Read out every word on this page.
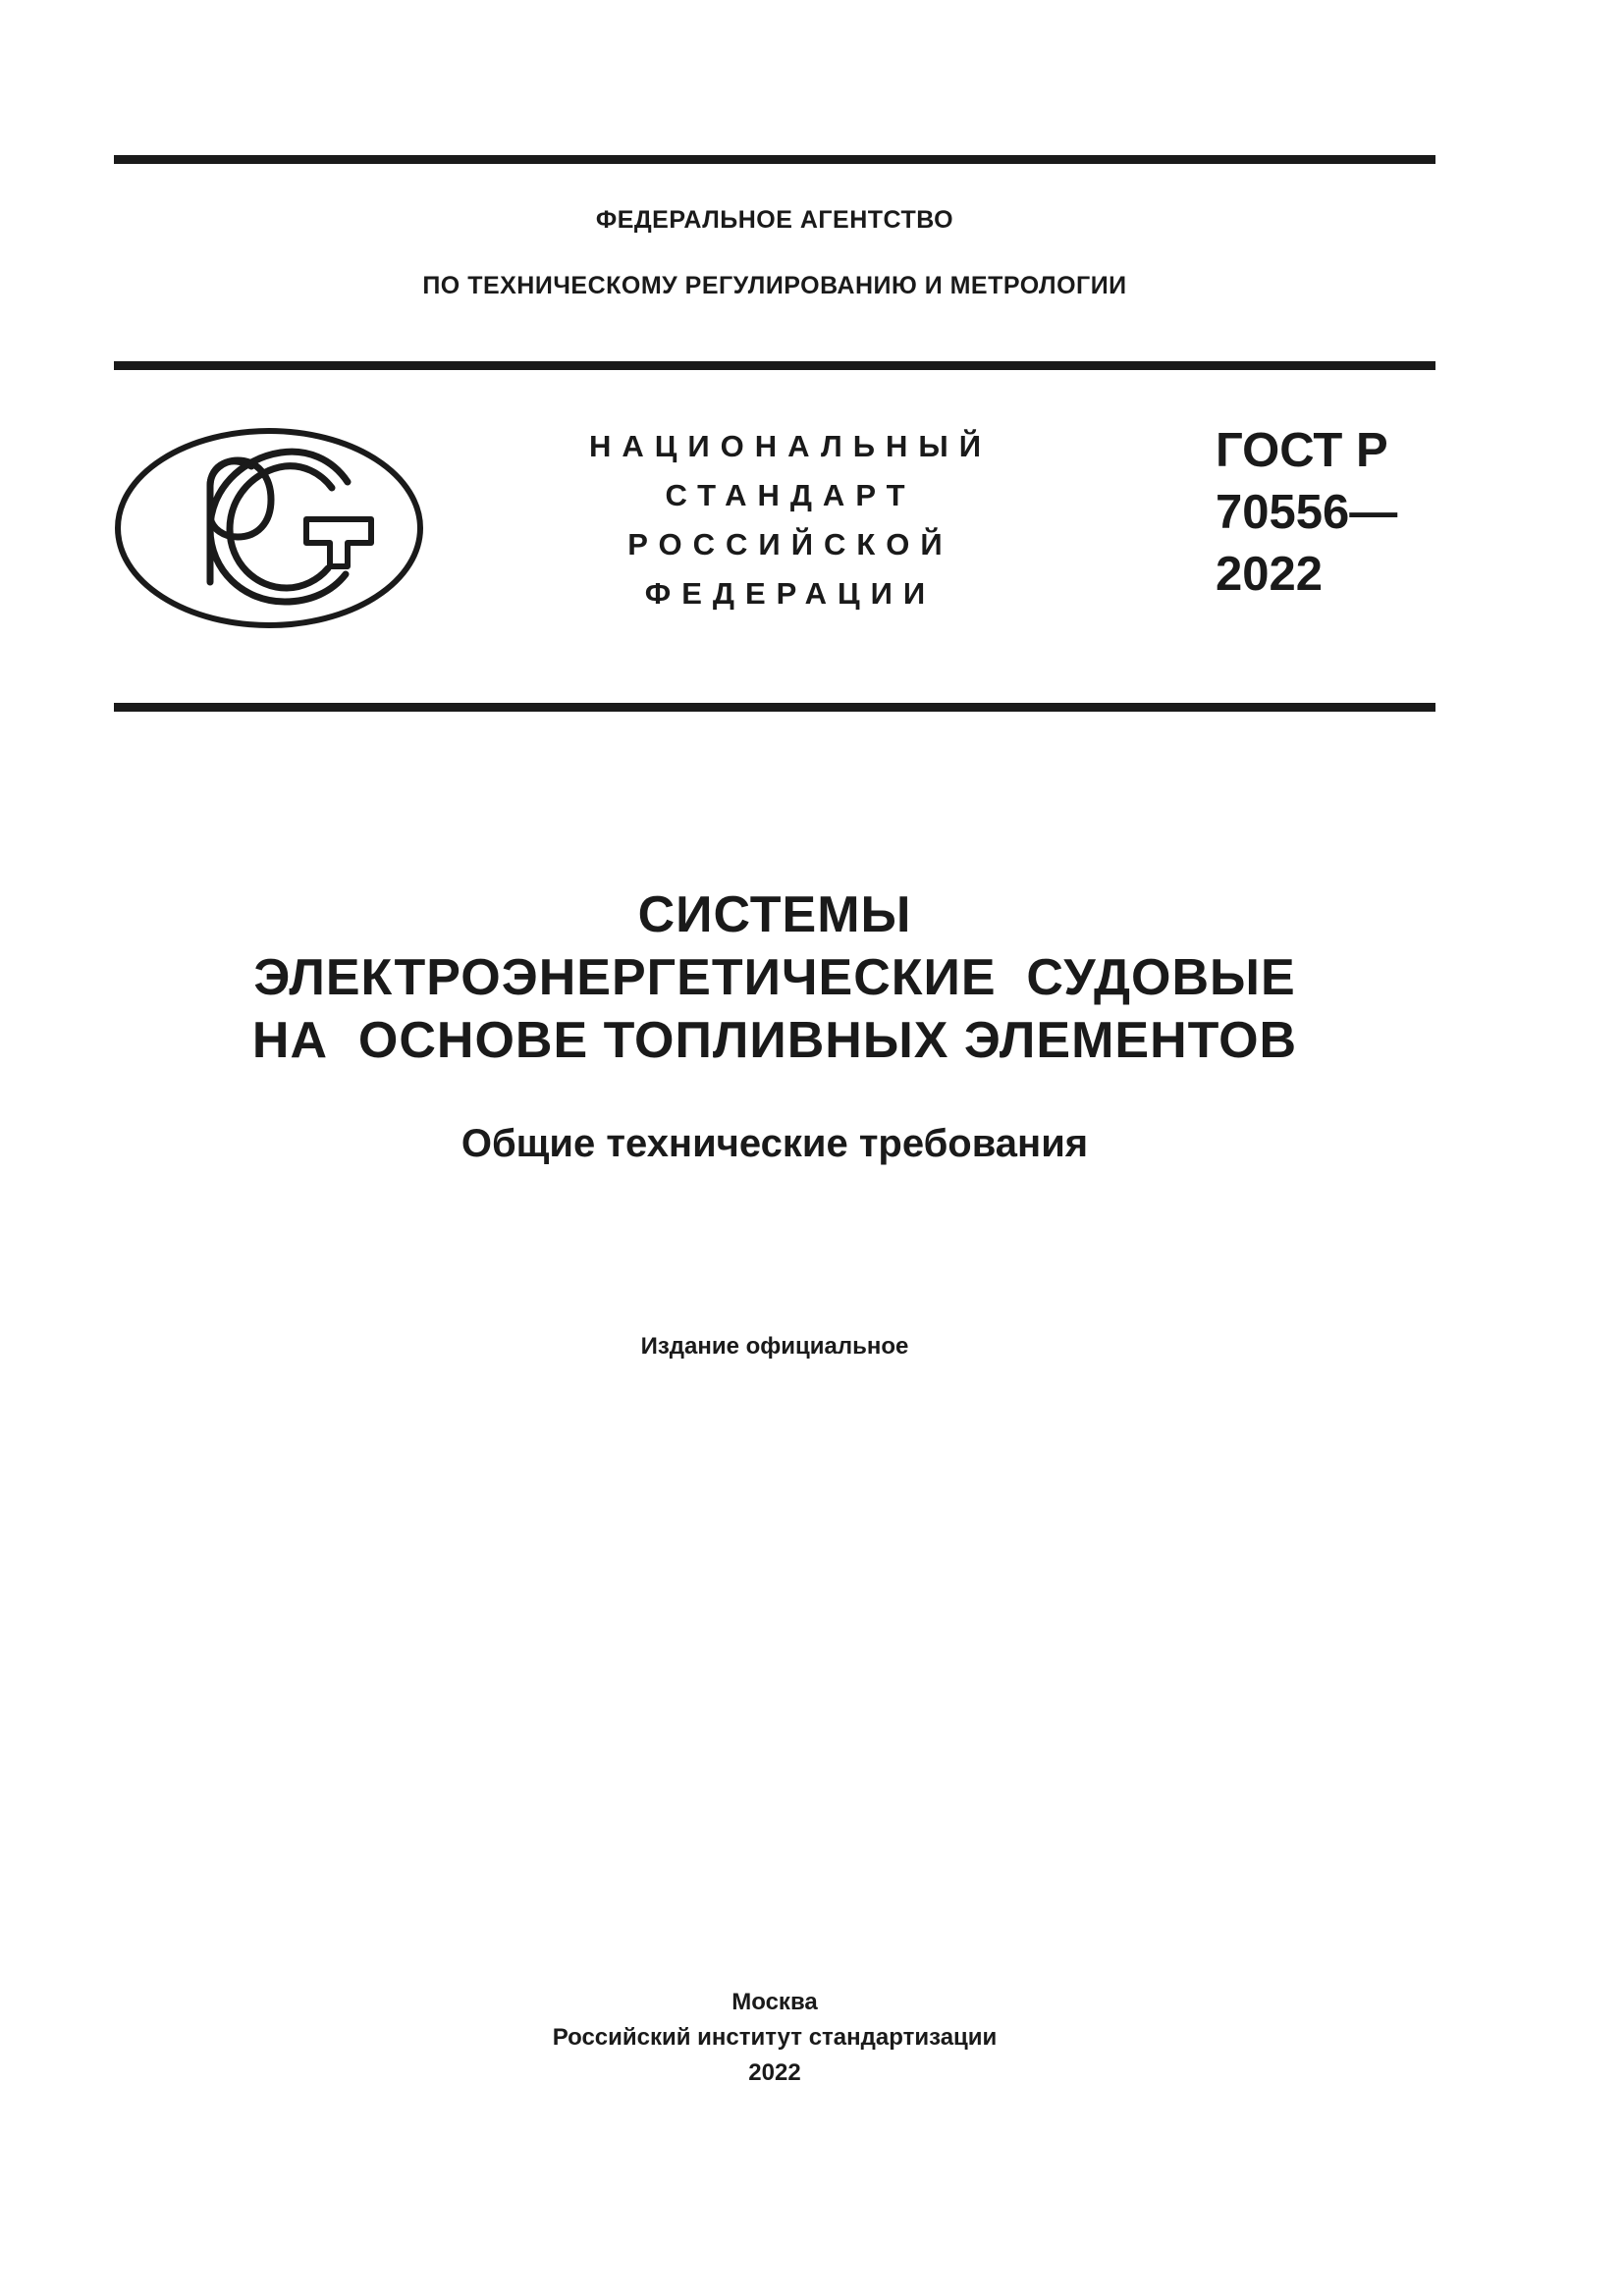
ФЕДЕРАЛЬНОЕ АГЕНТСТВО
ПО ТЕХНИЧЕСКОМУ РЕГУЛИРОВАНИЮ И МЕТРОЛОГИИ
НАЦИОНАЛЬНЫЙ
СТАНДАРТ
РОССИЙСКОЙ
ФЕДЕРАЦИИ
ГОСТ Р
70556—
2022
СИСТЕМЫ
ЭЛЕКТРОЭНЕРГЕТИЧЕСКИЕ  СУДОВЫЕ
НА  ОСНОВЕ ТОПЛИВНЫХ ЭЛЕМЕНТОВ
Общие технические требования
Издание официальное
Москва
Российский институт стандартизации
2022
